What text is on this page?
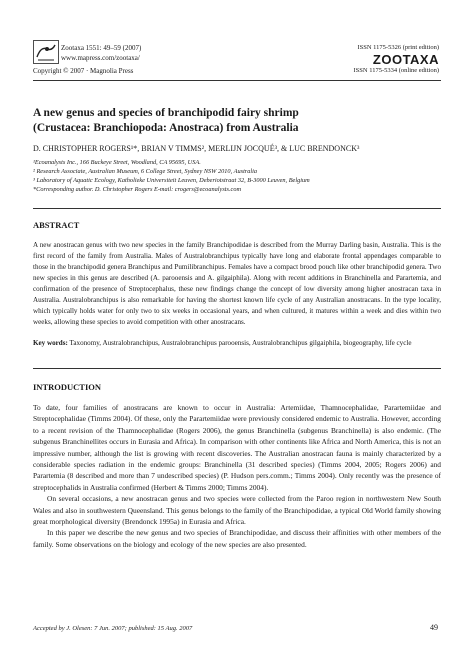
Zootaxa 1551: 49–59 (2007)
www.mapress.com/zootaxa/
Copyright © 2007 · Magnolia Press
ISSN 1175-5326 (print edition)
ZOOTAXA
ISSN 1175-5334 (online edition)
A new genus and species of branchipodid fairy shrimp
(Crustacea: Branchiopoda: Anostraca) from Australia
D. CHRISTOPHER ROGERS¹*, BRIAN V TIMMS², MERLIJN JOCQUÉ³, & LUC BRENDONCK³
¹Ecoanalysts Inc., 166 Buckeye Street, Woodland, CA 95695, USA.
² Research Associate, Australian Museum, 6 College Street, Sydney NSW 2010, Australia
³ Laboratory of Aquatic Ecology, Katholieke Universiteit Leuven, Deberiotstraat 32, B-3000 Leuven, Belgium
*Corresponding author. D. Christopher Rogers E-mail: crogers@ecoanalysts.com
ABSTRACT
A new anostracan genus with two new species in the family Branchipodidae is described from the Murray Darling basin, Australia. This is the first record of the family from Australia. Males of Australobranchipus typically have long and elaborate frontal appendages comparable to those in the branchipodid genera Branchipus and Pumilibranchipus. Females have a compact brood pouch like other branchipodid genera. Two new species in this genus are described (A. parooensis and A. gilgaiphila). Along with recent additions in Branchinella and Parartemia, and confirmation of the presence of Streptocephalus, these new findings change the concept of low diversity among higher anostracan taxa in Australia. Australobranchipus is also remarkable for having the shortest known life cycle of any Australian anostracans. In the type locality, which typically holds water for only two to six weeks in occasional years, and when cultured, it matures within a week and dies within two weeks, allowing these species to avoid competition with other anostracans.
Key words: Taxonomy, Australobranchipus, Australobranchipus parooensis, Australobranchipus gilgaiphila, biogeography, life cycle
INTRODUCTION

To date, four families of anostracans are known to occur in Australia: Artemiidae, Thamnocephalidae, Parartemiidae and Streptocephalidae (Timms 2004). Of these, only the Parartemiidae were previously considered endemic to Australia. However, according to a recent revision of the Thamnocephalidae (Rogers 2006), the genus Branchinella (subgenus Branchinella) is also endemic. (The subgenus Branchinellites occurs in Eurasia and Africa). In comparison with other continents like Africa and North America, this is not an impressive number, although the list is growing with recent discoveries. The Australian anostracan fauna is mainly characterized by a considerable species radiation in the endemic groups: Branchinella (31 described species) (Timms 2004, 2005; Rogers 2006) and Parartemia (8 described and more than 7 undescribed species) (P. Hudson pers.comm.; Timms 2004). Only recently was the presence of streptocephalids in Australia confirmed (Herbert & Timms 2000; Timms 2004).

On several occasions, a new anostracan genus and two species were collected from the Paroo region in northwestern New South Wales and also in southwestern Queensland. This genus belongs to the family of the Branchipodidae, a typical Old World family showing great morphological diversity (Brendonck 1995a) in Eurasia and Africa.

In this paper we describe the new genus and two species of Branchipodidae, and discuss their affinities with other members of the family. Some observations on the biology and ecology of the new species are also presented.

Accepted by J. Olesen: 7 Jun. 2007; published: 15 Aug. 2007	49
